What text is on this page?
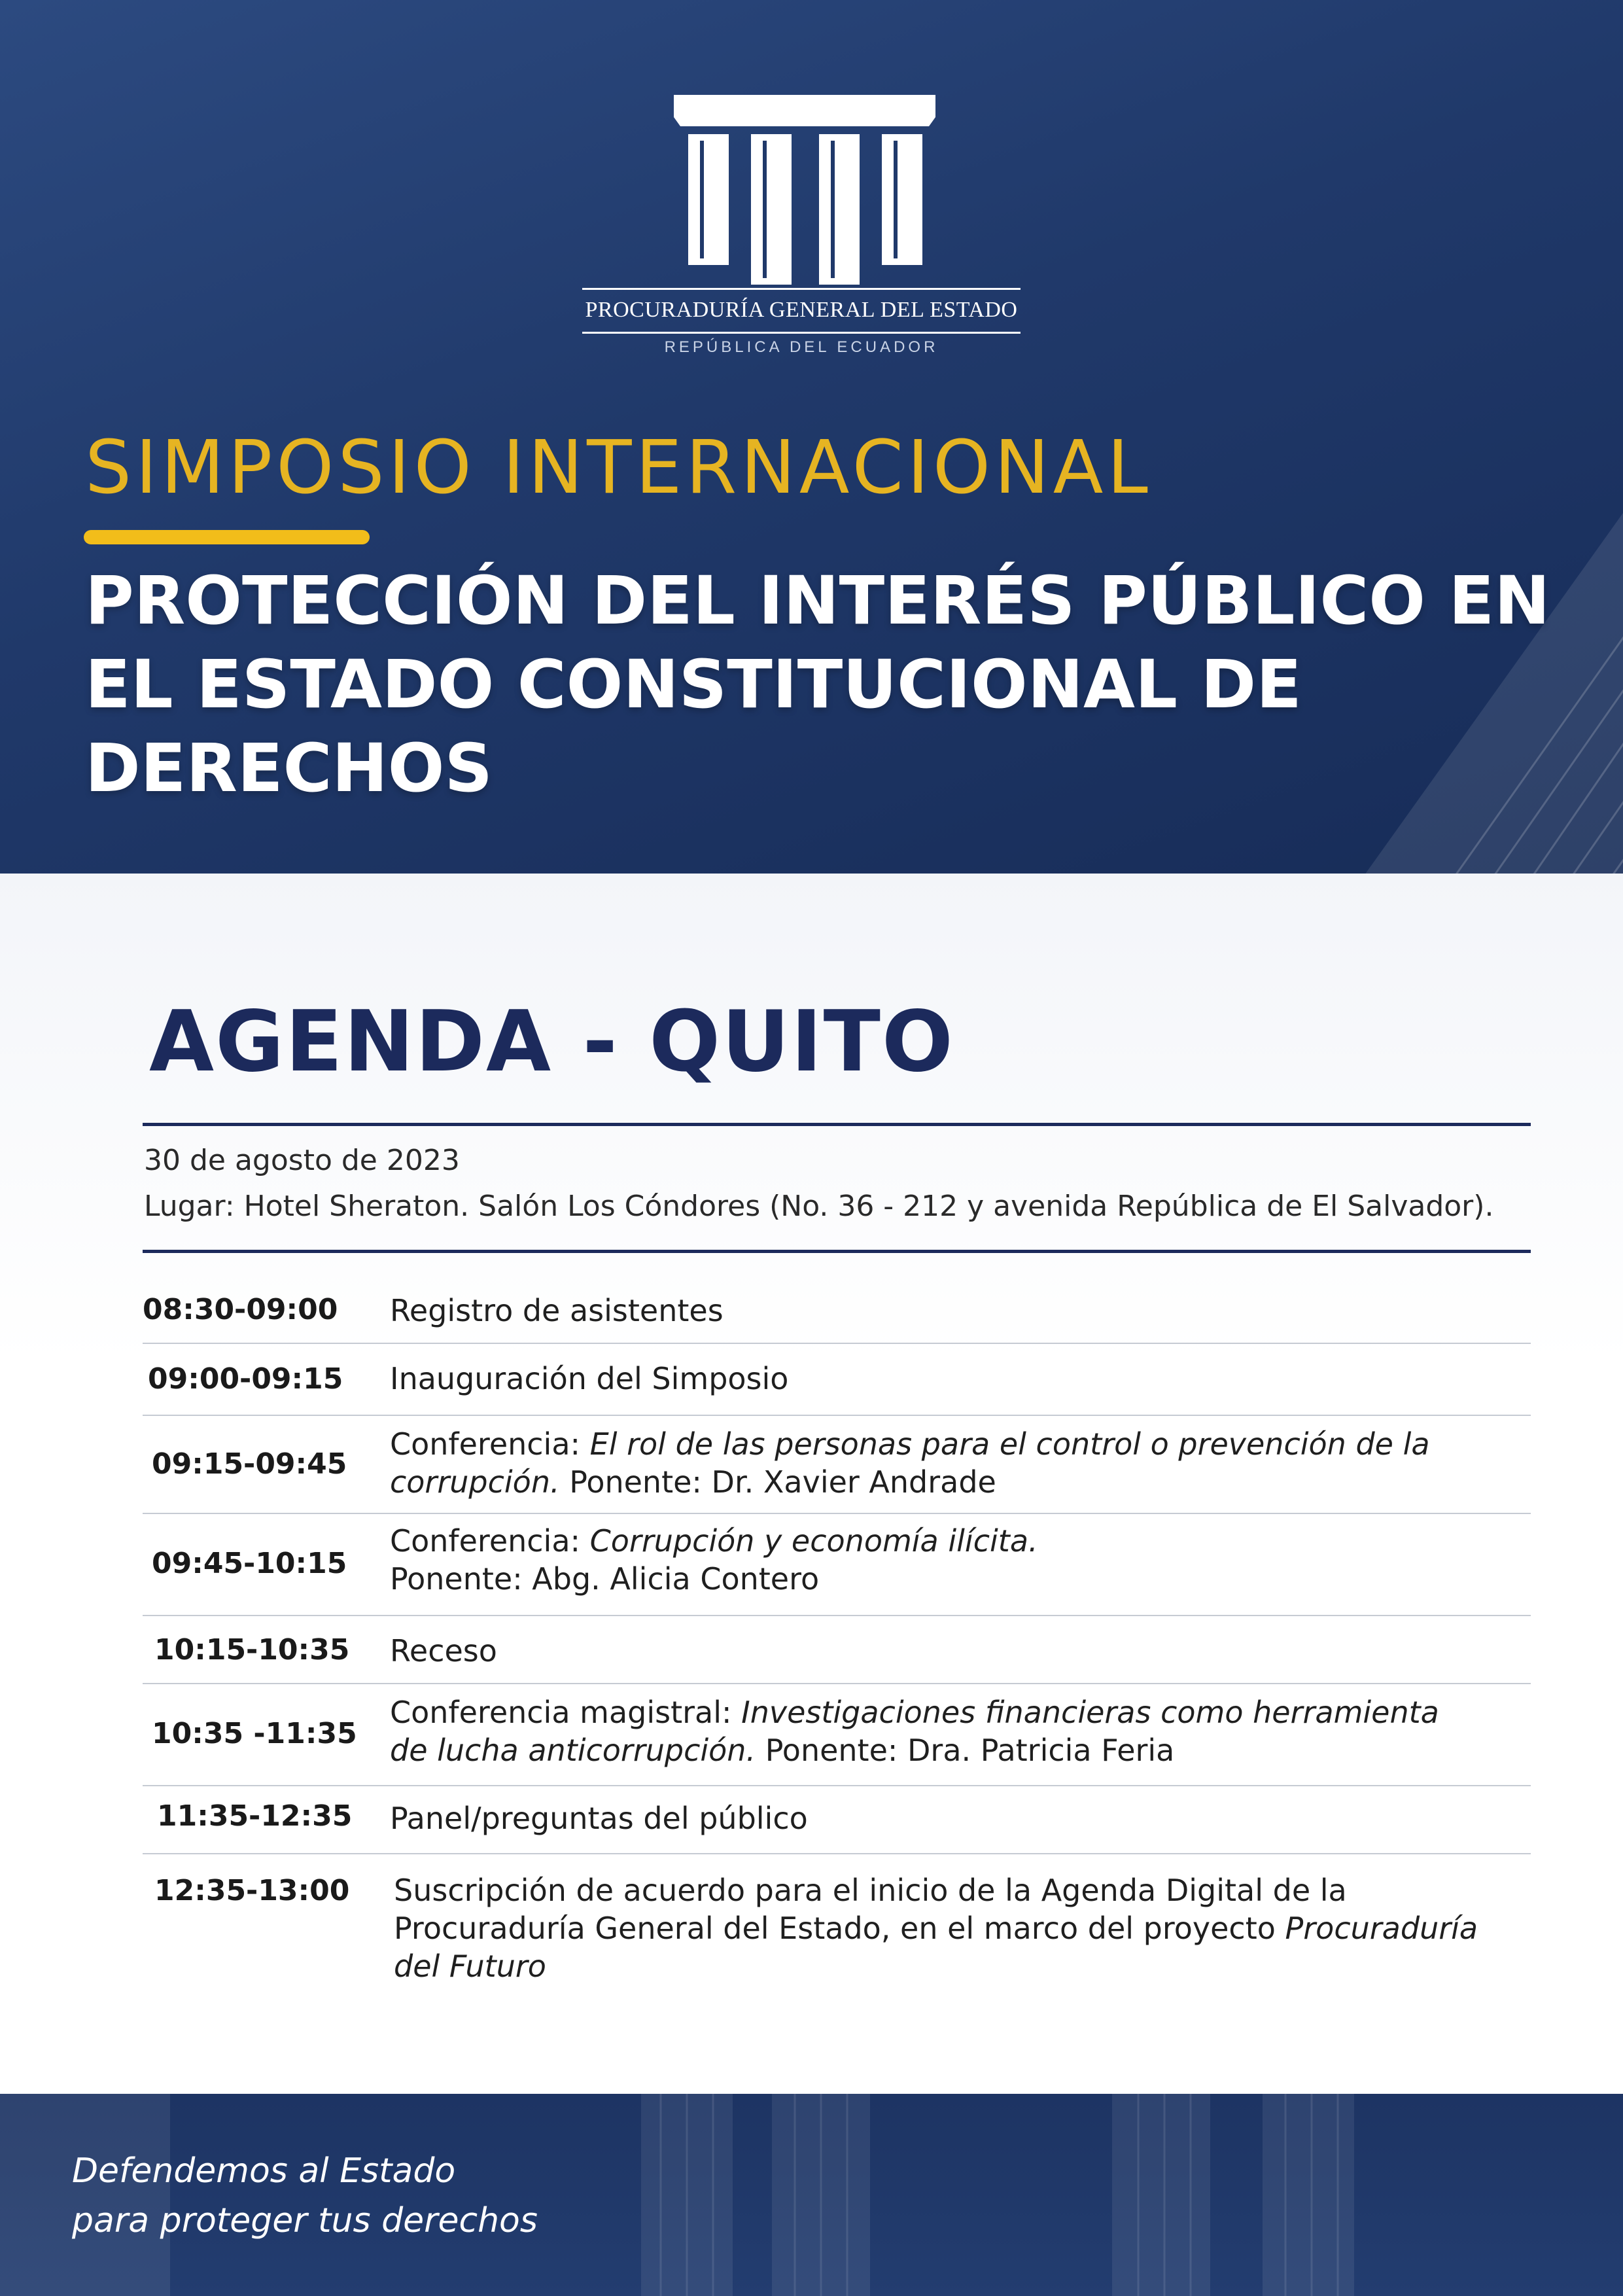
PROCURADURÍA GENERAL DEL ESTADO
REPÚBLICA DEL ECUADOR
SIMPOSIO INTERNACIONAL
PROTECCIÓN DEL INTERÉS PÚBLICO EN
EL ESTADO CONSTITUCIONAL DE
DERECHOS
AGENDA - QUITO
30 de agosto de 2023
Lugar: Hotel Sheraton. Salón Los Cóndores (No. 36 - 212 y avenida República de El Salvador).
08:30-09:00 Registro de asistentes
09:00-09:15 Inauguración del Simposio
09:15-09:45
Conferencia: El rol de las personas para el control o prevención de la
corrupción. Ponente: Dr. Xavier Andrade
09:45-10:15
Conferencia: Corrupción y economía ilícita.
Ponente: Abg. Alicia Contero
10:15-10:35 Receso
10:35 -11:35
Conferencia magistral: Investigaciones financieras como herramienta
de lucha anticorrupción. Ponente: Dra. Patricia Feria
11:35-12:35 Panel/preguntas del público
12:35-13:00 Suscripción de acuerdo para el inicio de la Agenda Digital de la
Procuraduría General del Estado, en el marco del proyecto Procuraduría
del Futuro
Defendemos al Estado
para proteger tus derechos
